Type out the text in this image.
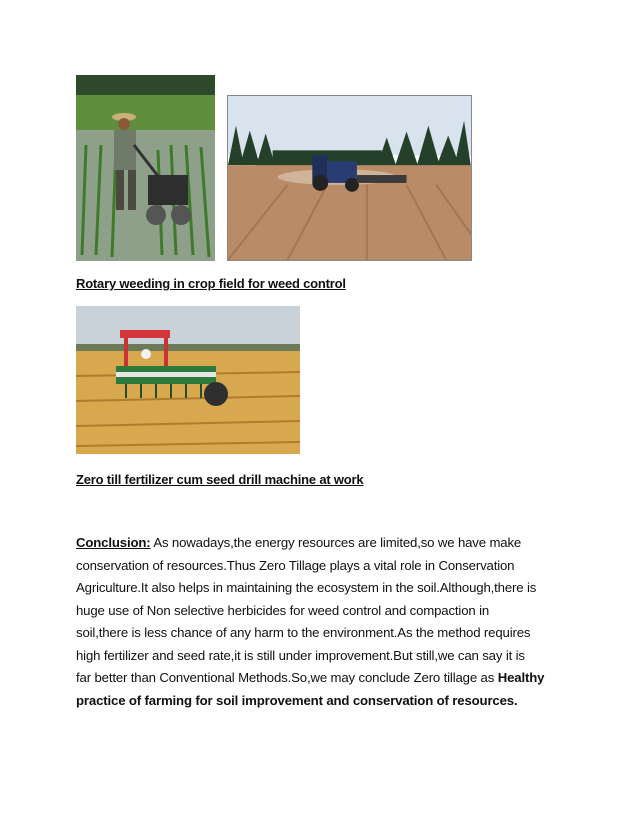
Rotary weeding in crop field for weed control
Zero till fertilizer cum seed drill machine at work
Conclusion: As nowadays,the energy resources are limited,so we have make
conservation of resources.Thus Zero Tillage plays a vital role in Conservation
Agriculture.It also helps in maintaining the ecosystem in the soil.Although,there is
huge use of Non selective herbicides for weed control and compaction in
soil,there is less chance of any harm to the environment.As the method requires
high fertilizer and seed rate,it is still under improvement.But still,we can say it is
far better than Conventional Methods.So,we may conclude Zero tillage as Healthy
practice of farming for soil improvement and conservation of resources.
